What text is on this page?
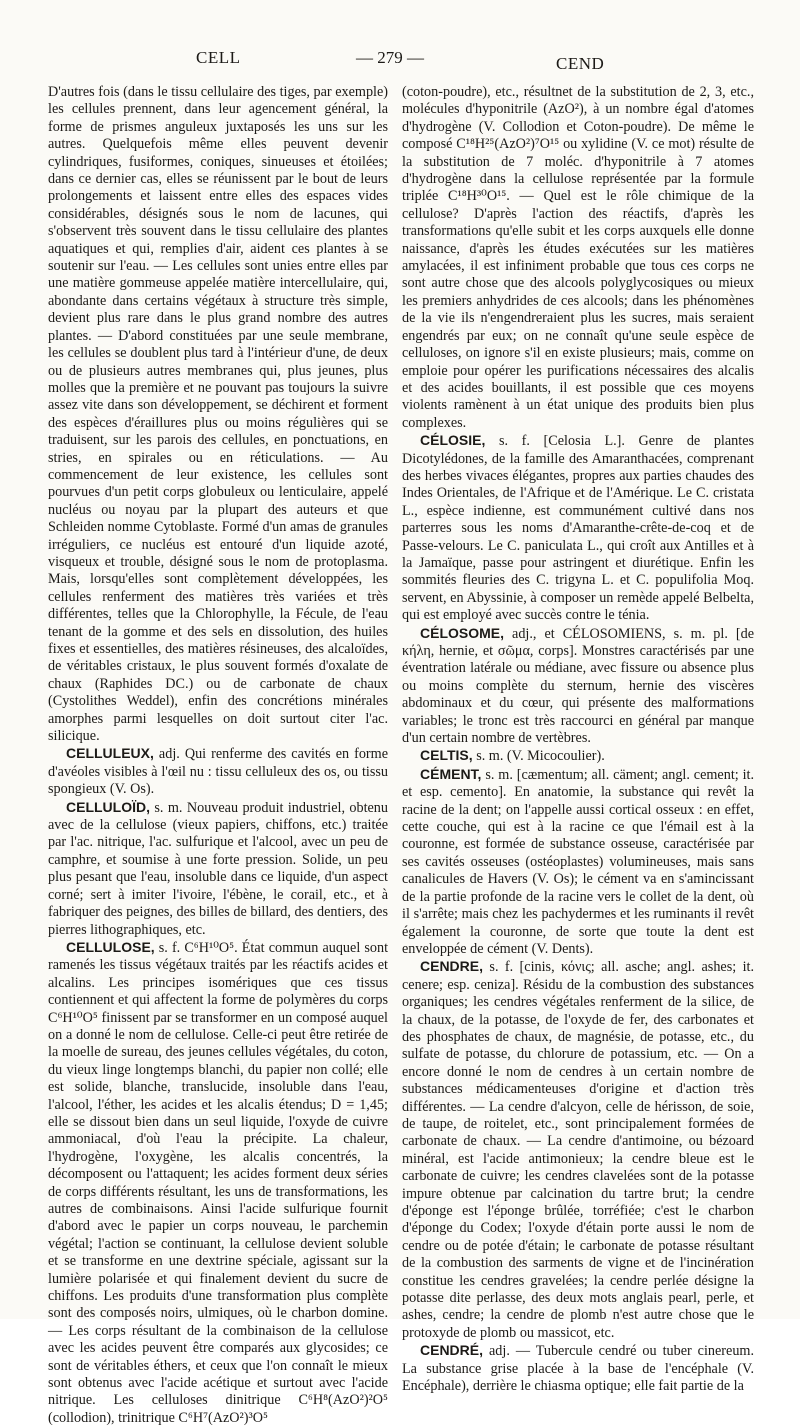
CELL	— 279 —	CEND

D'autres fois (dans le tissu cellulaire des tiges, par exemple) les cellules prennent, dans leur agencement général, la forme de prismes anguleux juxtaposés les uns sur les autres. Quelquefois même elles peuvent devenir cylindriques, fusiformes, coniques, sinueuses et étoilées; dans ce dernier cas, elles se réunissent par le bout de leurs prolongements et laissent entre elles des espaces vides considérables, désignés sous le nom de lacunes, qui s'observent très souvent dans le tissu cellulaire des plantes aquatiques et qui, remplies d'air, aident ces plantes à se soutenir sur l'eau. — Les cellules sont unies entre elles par une matière gommeuse appelée matière intercellulaire, qui, abondante dans certains végétaux à structure très simple, devient plus rare dans le plus grand nombre des autres plantes. — D'abord constituées par une seule membrane, les cellules se doublent plus tard à l'intérieur d'une, de deux ou de plusieurs autres membranes qui, plus jeunes, plus molles que la première et ne pouvant pas toujours la suivre assez vite dans son développement, se déchirent et forment des espèces d'éraillures plus ou moins régulières qui se traduisent, sur les parois des cellules, en ponctuations, en stries, en spirales ou en réticulations. — Au commencement de leur existence, les cellules sont pourvues d'un petit corps globuleux ou lenticulaire, appelé nucléus ou noyau par la plupart des auteurs et que Schleiden nomme Cytoblaste. Formé d'un amas de granules irréguliers, ce nucléus est entouré d'un liquide azoté, visqueux et trouble, désigné sous le nom de protoplasma. Mais, lorsqu'elles sont complètement développées, les cellules renferment des matières très variées et très différentes, telles que la Chlorophylle, la Fécule, de l'eau tenant de la gomme et des sels en dissolution, des huiles fixes et essentielles, des matières résineuses, des alcaloïdes, de véritables cristaux, le plus souvent formés d'oxalate de chaux (Raphides DC.) ou de carbonate de chaux (Cystolithes Weddel), enfin des concrétions minérales amorphes parmi lesquelles on doit surtout citer l'ac. silicique.

CELLULEUX, adj. Qui renferme des cavités en forme d'avéoles visibles à l'œil nu : tissu celluleux des os, ou tissu spongieux (V. Os).

CELLULOÏD, s. m. Nouveau produit industriel, obtenu avec de la cellulose (vieux papiers, chiffons, etc.) traitée par l'ac. nitrique, l'ac. sulfurique et l'alcool, avec un peu de camphre, et soumise à une forte pression. Solide, un peu plus pesant que l'eau, insoluble dans ce liquide, d'un aspect corné; sert à imiter l'ivoire, l'ébène, le corail, etc., et à fabriquer des peignes, des billes de billard, des dentiers, des pierres lithographiques, etc.

CELLULOSE, s. f. C⁶H¹⁰O⁵. État commun auquel sont ramenés les tissus végétaux traités par les réactifs acides et alcalins. Les principes isomériques que ces tissus contiennent et qui affectent la forme de polymères du corps C⁶H¹⁰O⁵ finissent par se transformer en un composé auquel on a donné le nom de cellulose. Celle-ci peut être retirée de la moelle de sureau, des jeunes cellules végétales, du coton, du vieux linge longtemps blanchi, du papier non collé; elle est solide, blanche, translucide, insoluble dans l'eau, l'alcool, l'éther, les acides et les alcalis étendus; D = 1,45; elle se dissout bien dans un seul liquide, l'oxyde de cuivre ammoniacal, d'où l'eau la précipite. La chaleur, l'hydrogène, l'oxygène, les alcalis concentrés, la décomposent ou l'attaquent; les acides forment deux séries de corps différents résultant, les uns de transformations, les autres de combinaisons. Ainsi l'acide sulfurique fournit d'abord avec le papier un corps nouveau, le parchemin végétal; l'action se continuant, la cellulose devient soluble et se transforme en une dextrine spéciale, agissant sur la lumière polarisée et qui finalement devient du sucre de chiffons. Les produits d'une transformation plus complète sont des composés noirs, ulmiques, où le charbon domine. — Les corps résultant de la combinaison de la cellulose avec les acides peuvent être comparés aux glycosides; ce sont de véritables éthers, et ceux que l'on connaît le mieux sont obtenus avec l'acide acétique et surtout avec l'acide nitrique. Les celluloses dinitrique C⁶H⁸(AzO²)²O⁵ (collodion), trinitrique C⁶H⁷(AzO²)³O⁵

(coton-poudre), etc., résultnet de la substitution de 2, 3, etc., molécules d'hyponitrile (AzO²), à un nombre égal d'atomes d'hydrogène (V. Collodion et Coton-poudre). De même le composé C¹⁸H²⁵(AzO²)⁷O¹⁵ ou xylidine (V. ce mot) résulte de la substitution de 7 moléc. d'hyponitrile à 7 atomes d'hydrogène dans la cellulose représentée par la formule triplée C¹⁸H³⁰O¹⁵. — Quel est le rôle chimique de la cellulose? D'après l'action des réactifs, d'après les transformations qu'elle subit et les corps auxquels elle donne naissance, d'après les études exécutées sur les matières amylacées, il est infiniment probable que tous ces corps ne sont autre chose que des alcools polyglycosiques ou mieux les premiers anhydrides de ces alcools; dans les phénomènes de la vie ils n'engendreraient plus les sucres, mais seraient engendrés par eux; on ne connaît qu'une seule espèce de celluloses, on ignore s'il en existe plusieurs; mais, comme on emploie pour opérer les purifications nécessaires des alcalis et des acides bouillants, il est possible que ces moyens violents ramènent à un état unique des produits bien plus complexes.

CÉLOSIE, s. f. [Celosia L.]. Genre de plantes Dicotylédones, de la famille des Amaranthacées, comprenant des herbes vivaces élégantes, propres aux parties chaudes des Indes Orientales, de l'Afrique et de l'Amérique. Le C. cristata L., espèce indienne, est communément cultivé dans nos parterres sous les noms d'Amaranthe-crête-de-coq et de Passe-velours. Le C. paniculata L., qui croît aux Antilles et à la Jamaïque, passe pour astringent et diurétique. Enfin les sommités fleuries des C. trigyna L. et C. populifolia Moq. servent, en Abyssinie, à composer un remède appelé Belbelta, qui est employé avec succès contre le ténia.

CÉLOSOME, adj., et CÉLOSOMIENS, s. m. pl. [de κήλη, hernie, et σῶμα, corps]. Monstres caractérisés par une éventration latérale ou médiane, avec fissure ou absence plus ou moins complète du sternum, hernie des viscères abdominaux et du cœur, qui présente des malformations variables; le tronc est très raccourci en général par manque d'un certain nombre de vertèbres.

CELTIS, s. m. (V. Micocoulier).

CÉMENT, s. m. [cæmentum; all. cäment; angl. cement; it. et esp. cemento]. En anatomie, la substance qui revêt la racine de la dent; on l'appelle aussi cortical osseux : en effet, cette couche, qui est à la racine ce que l'émail est à la couronne, est formée de substance osseuse, caractérisée par ses cavités osseuses (ostéoplastes) volumineuses, mais sans canalicules de Havers (V. Os); le cément va en s'amincissant de la partie profonde de la racine vers le collet de la dent, où il s'arrête; mais chez les pachydermes et les ruminants il revêt également la couronne, de sorte que toute la dent est enveloppée de cément (V. Dents).

CENDRE, s. f. [cinis, κόνις; all. asche; angl. ashes; it. cenere; esp. ceniza]. Résidu de la combustion des substances organiques; les cendres végétales renferment de la silice, de la chaux, de la potasse, de l'oxyde de fer, des carbonates et des phosphates de chaux, de magnésie, de potasse, etc., du sulfate de potasse, du chlorure de potassium, etc. — On a encore donné le nom de cendres à un certain nombre de substances médicamenteuses d'origine et d'action très différentes. — La cendre d'alcyon, celle de hérisson, de soie, de taupe, de roitelet, etc., sont principalement formées de carbonate de chaux. — La cendre d'antimoine, ou bézoard minéral, est l'acide antimonieux; la cendre bleue est le carbonate de cuivre; les cendres clavelées sont de la potasse impure obtenue par calcination du tartre brut; la cendre d'éponge est l'éponge brûlée, torréfiée; c'est le charbon d'éponge du Codex; l'oxyde d'étain porte aussi le nom de cendre ou de potée d'étain; le carbonate de potasse résultant de la combustion des sarments de vigne et de l'incinération constitue les cendres gravelées; la cendre perlée désigne la potasse dite perlasse, des deux mots anglais pearl, perle, et ashes, cendre; la cendre de plomb n'est autre chose que le protoxyde de plomb ou massicot, etc.

CENDRÉ, adj. — Tubercule cendré ou tuber cinereum. La substance grise placée à la base de l'encéphale (V. Encéphale), derrière le chiasma optique; elle fait partie de la
